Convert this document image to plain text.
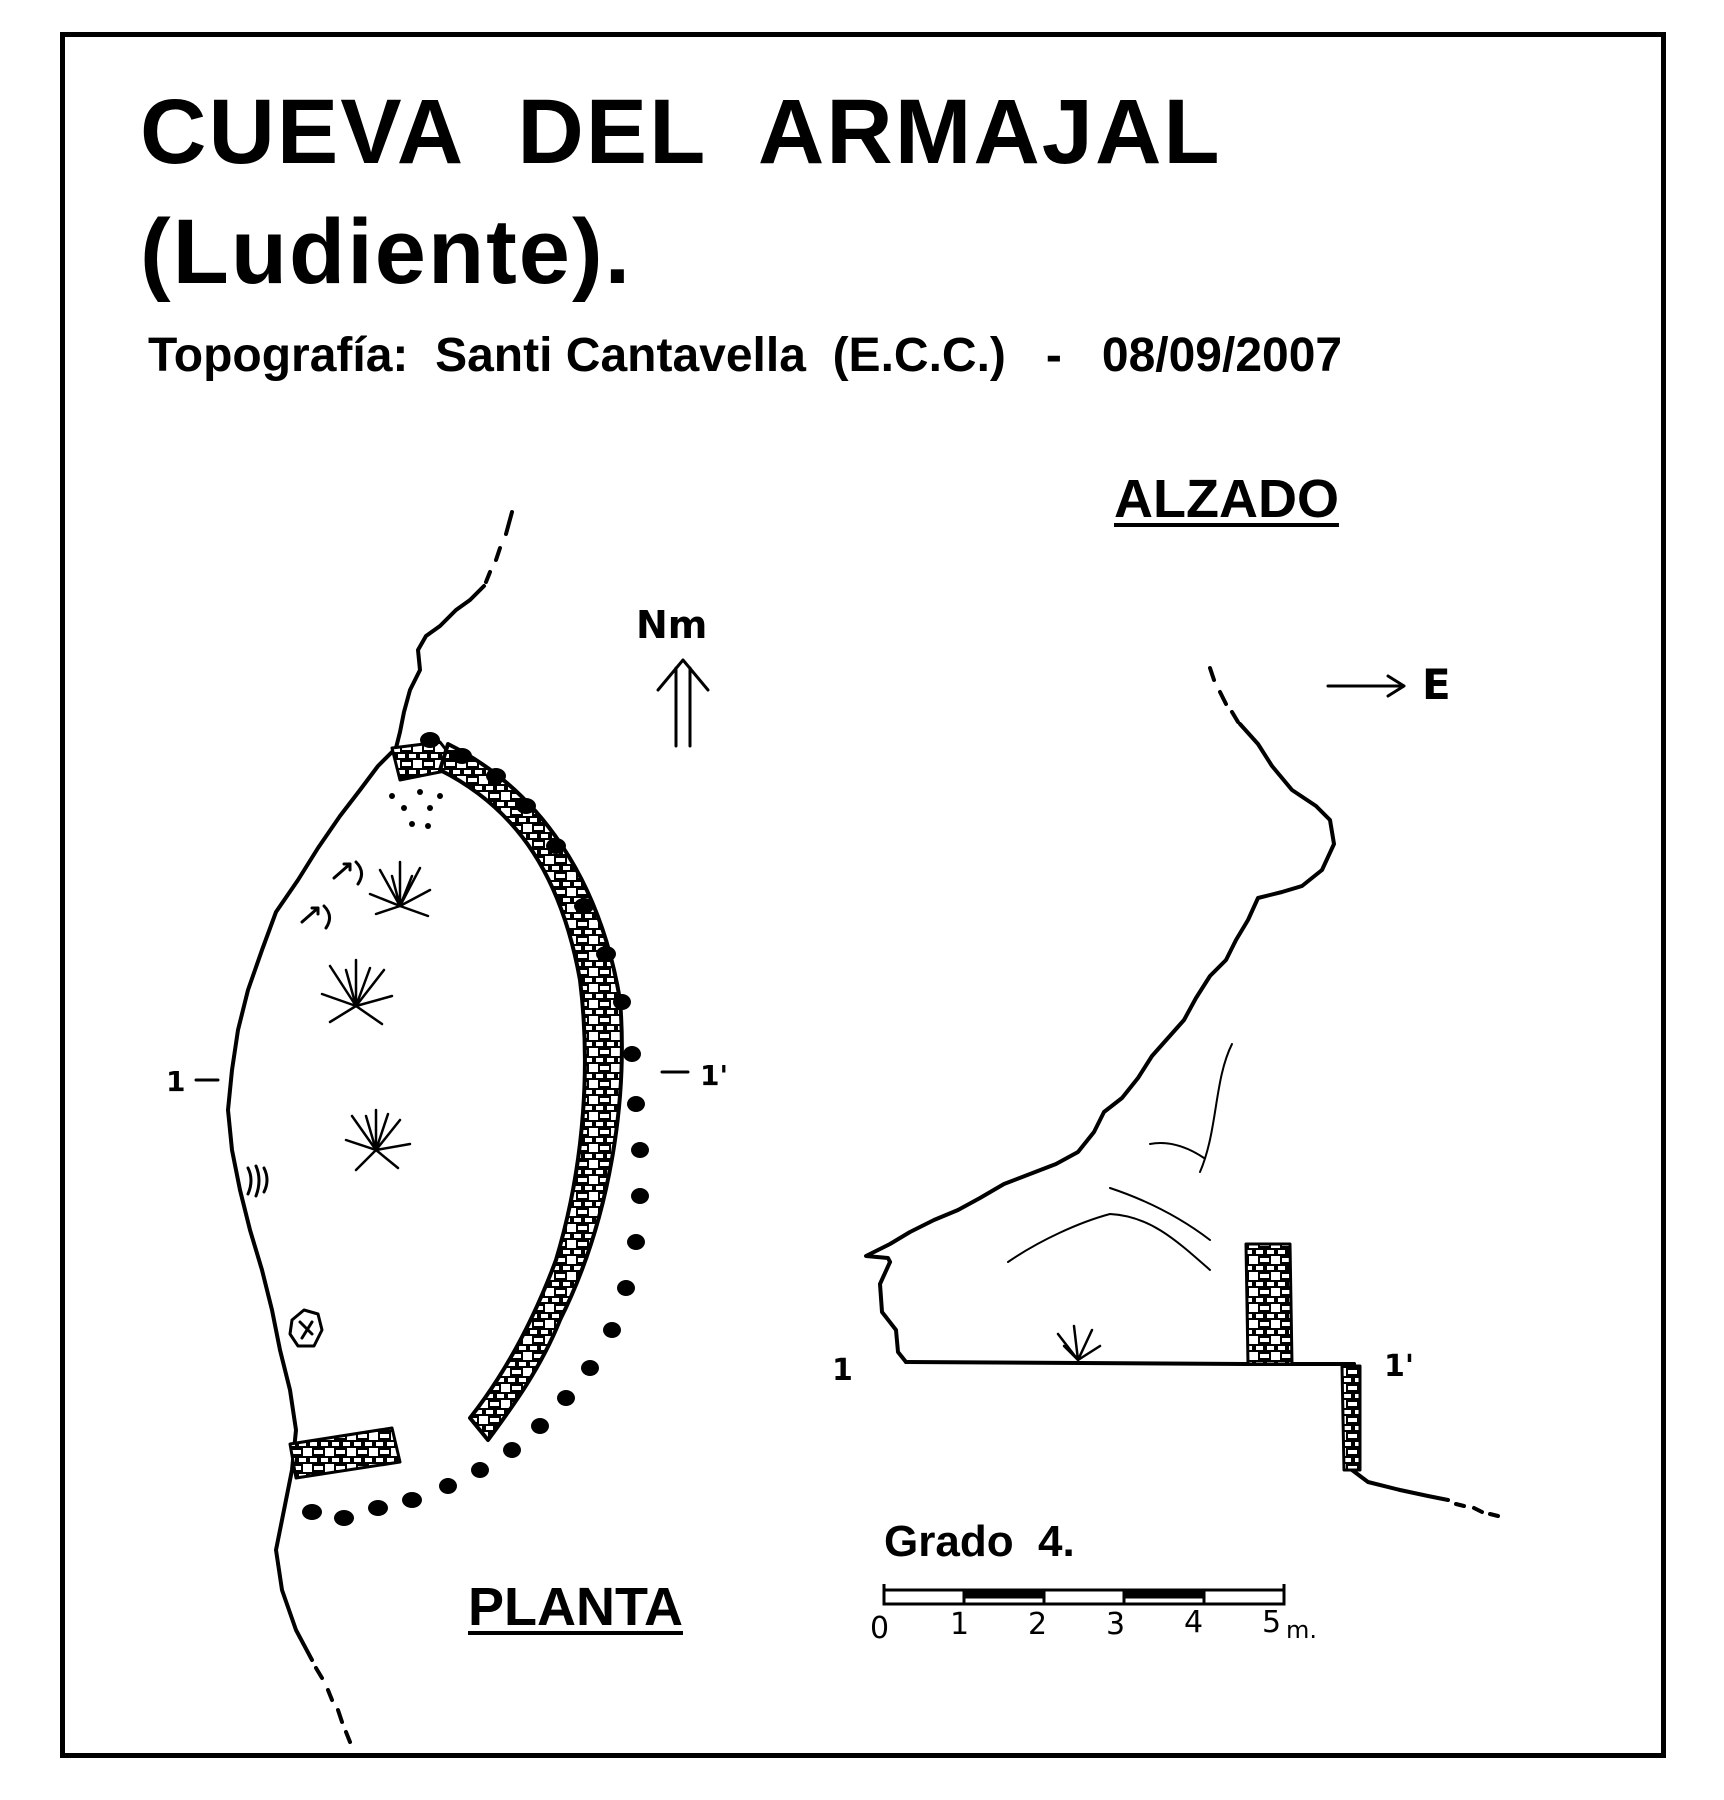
CUEVA DEL ARMAJAL
(Ludiente).
Topografía:  Santi Cantavella  (E.C.C.)   -   08/09/2007
ALZADO
PLANTA
Nm
E
1	1'
1	1'
Grado  4.
0 1 2 3 4 5 m.
